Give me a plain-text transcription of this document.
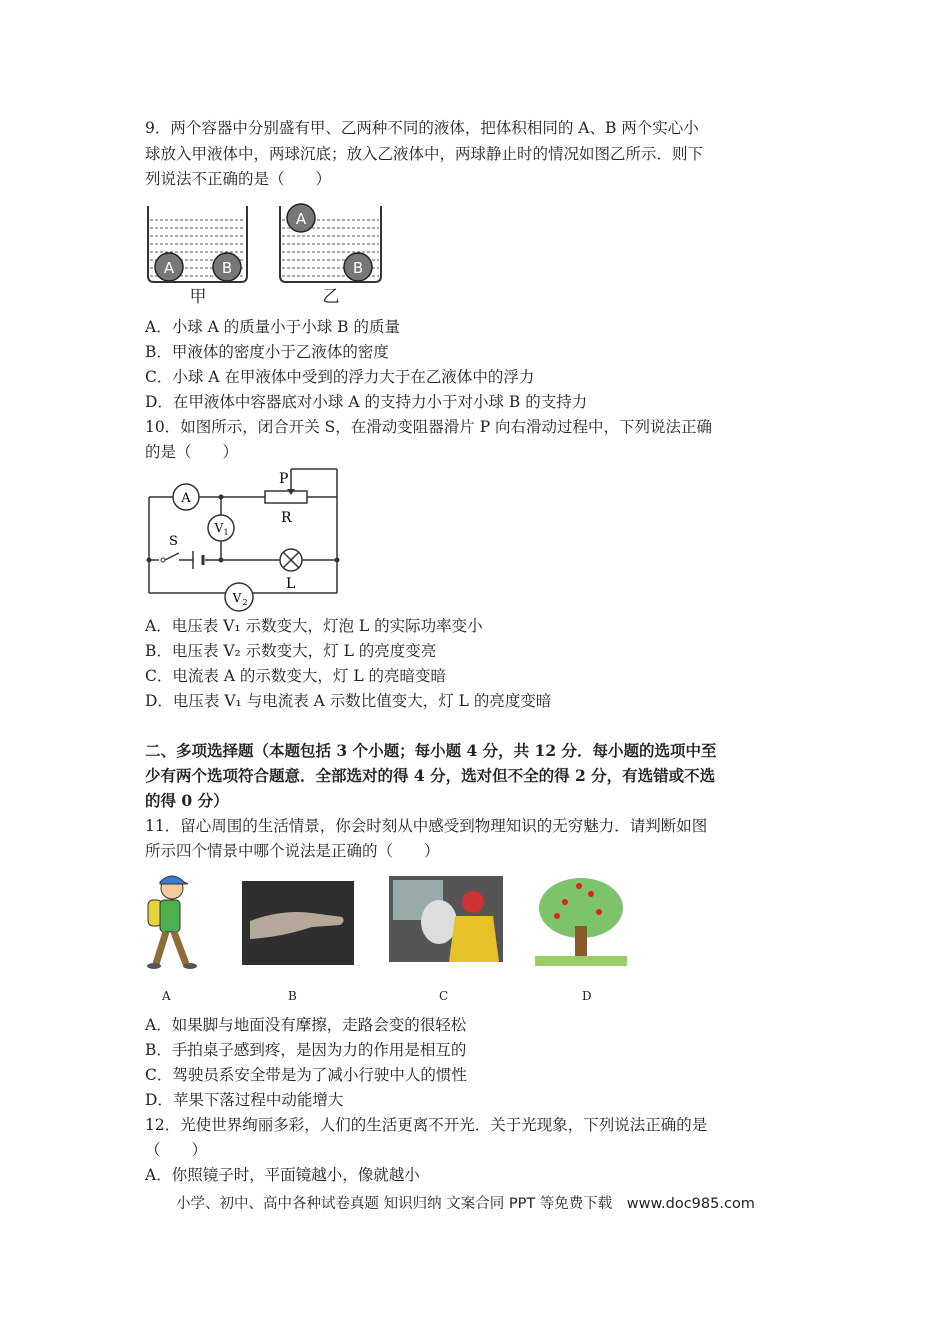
9．两个容器中分别盛有甲、乙两种不同的液体，把体积相同的 A、B 两个实心小
球放入甲液体中，两球沉底；放入乙液体中，两球静止时的情况如图乙所示．则下
列说法不正确的是（　　）
A	B
甲
A
B
乙
A．小球 A 的质量小于小球 B 的质量
B．甲液体的密度小于乙液体的密度
C．小球 A 在甲液体中受到的浮力大于在乙液体中的浮力
D．在甲液体中容器底对小球 A 的支持力小于对小球 B 的支持力
10．如图所示，闭合开关 S，在滑动变阻器滑片 P 向右滑动过程中，下列说法正确
的是（　　）
A
V 1
V 2
P
R
S
L
A．电压表 V₁ 示数变大，灯泡 L 的实际功率变小
B．电压表 V₂ 示数变大，灯 L 的亮度变亮
C．电流表 A 的示数变大，灯 L 的亮暗变暗
D．电压表 V₁ 与电流表 A 示数比值变大，灯 L 的亮度变暗
二、多项选择题（本题包括 3 个小题；每小题 4 分，共 12 分．每小题的选项中至
少有两个选项符合题意．全部选对的得 4 分，选对但不全的得 2 分，有选错或不选
的得 0 分）
11．留心周围的生活情景，你会时刻从中感受到物理知识的无穷魅力．请判断如图
所示四个情景中哪个说法是正确的（　　）
A	B	C	D
A．如果脚与地面没有摩擦，走路会变的很轻松
B．手拍桌子感到疼，是因为力的作用是相互的
C．驾驶员系安全带是为了减小行驶中人的惯性
D．苹果下落过程中动能增大
12．光使世界绚丽多彩，人们的生活更离不开光．关于光现象，下列说法正确的是
（　　）
A．你照镜子时，平面镜越小，像就越小
小学、初中、高中各种试卷真题 知识归纳 文案合同 PPT 等免费下载　www.doc985.com
